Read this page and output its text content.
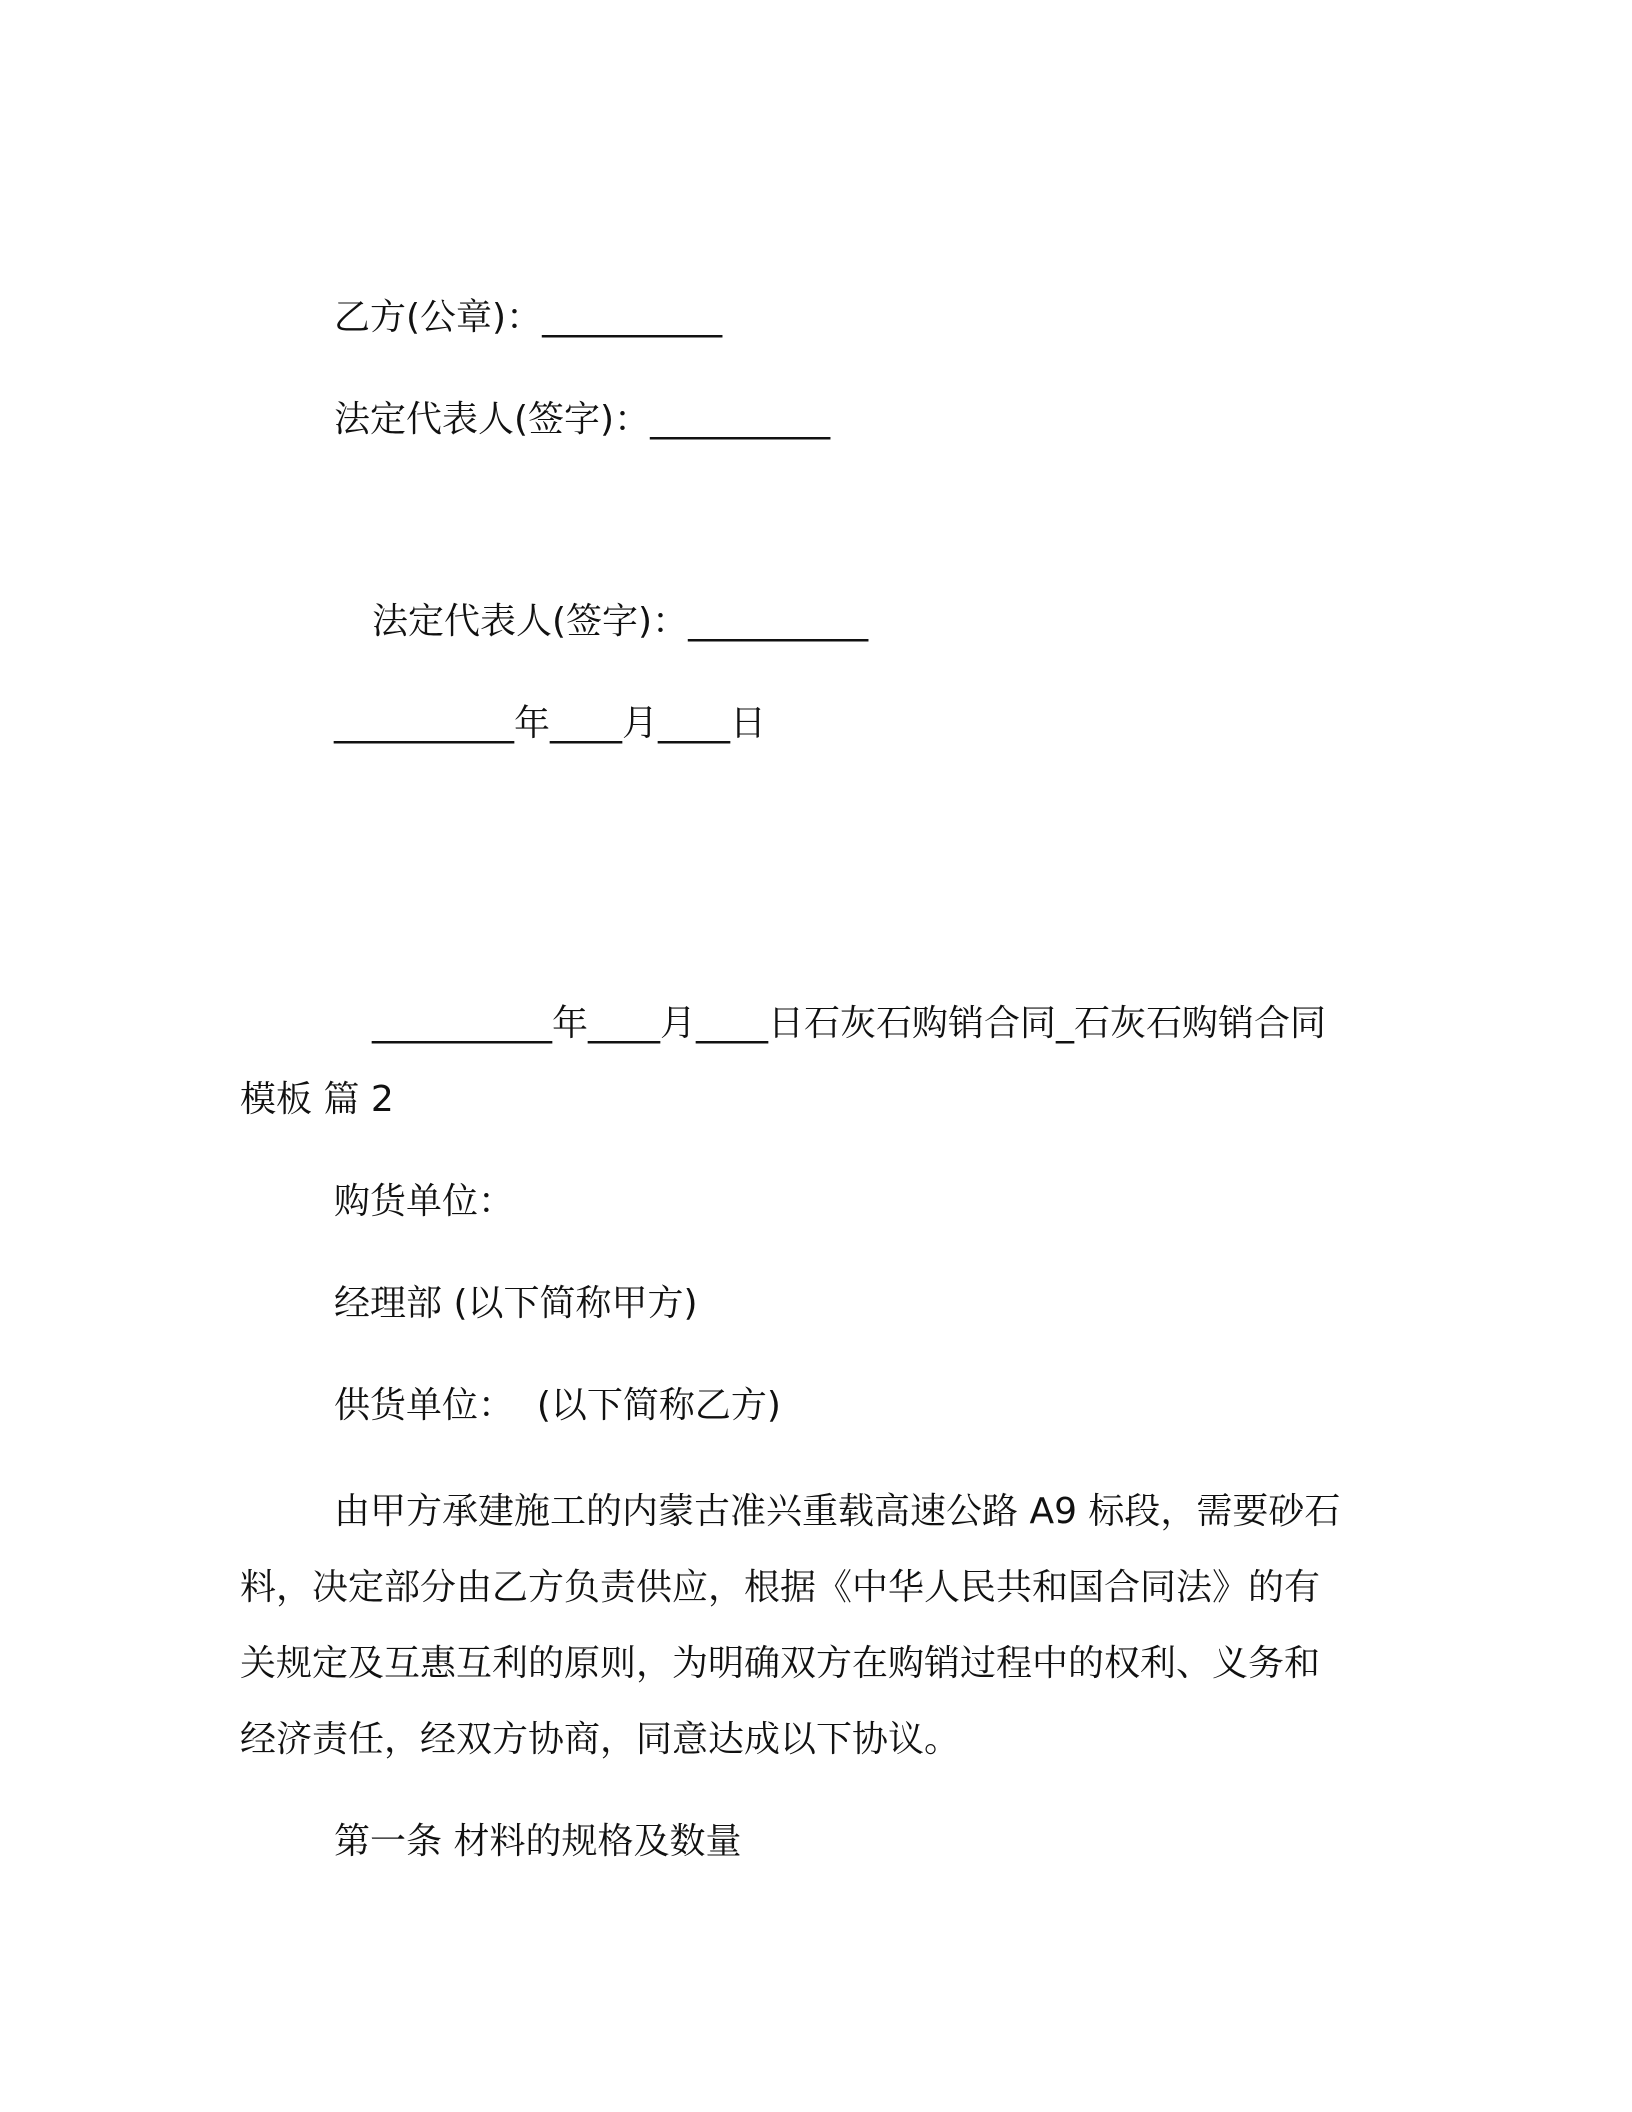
乙方(公章)：__________
法定代表人(签字)：__________
法定代表人(签字)：__________
__________年____月____日
__________年____月____日石灰石购销合同_石灰石购销合同
模板 篇 2
购货单位：
经理部 (以下简称甲方)
供货单位：  (以下简称乙方)
由甲方承建施工的内蒙古准兴重载高速公路 A9 标段，需要砂石
料，决定部分由乙方负责供应，根据《中华人民共和国合同法》的有
关规定及互惠互利的原则，为明确双方在购销过程中的权利、义务和
经济责任，经双方协商，同意达成以下协议。
第一条 材料的规格及数量
